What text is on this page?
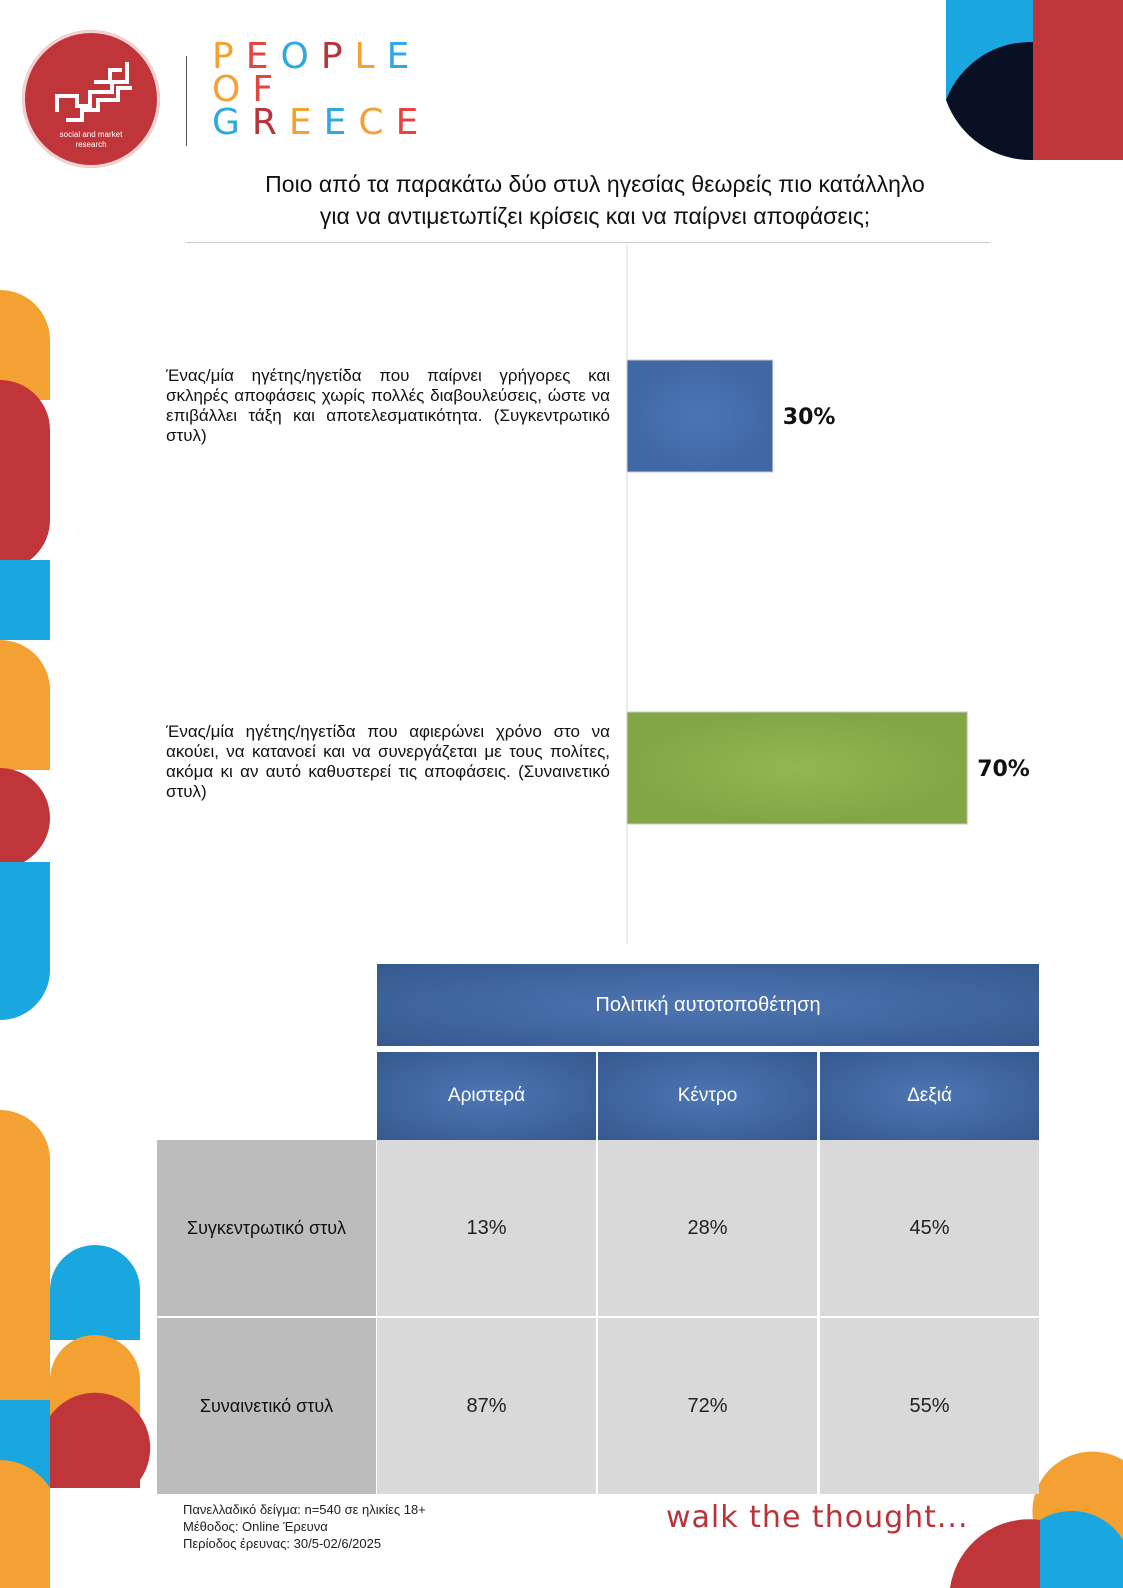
social and market
research
PEOPLE
OF
GREECE
Ποιο από τα παρακάτω δύο στυλ ηγεσίας θεωρείς πιο κατάλληλο
για να αντιμετωπίζει κρίσεις και να παίρνει αποφάσεις;
30%
70%
Ένας/μία ηγέτης/ηγετίδα που παίρνει γρήγορες και σκληρές αποφάσεις χωρίς πολλές διαβουλεύσεις, ώστε να επιβάλλει τάξη και αποτελεσματικότητα. (Συγκεντρωτικό στυλ)
Ένας/μία ηγέτης/ηγετίδα που αφιερώνει χρόνο στο να ακούει, να κατανοεί και να συνεργάζεται με τους πολίτες, ακόμα κι αν αυτό καθυστερεί τις αποφάσεις. (Συναινετικό στυλ)
Πολιτική αυτοτοποθέτηση
Αριστερά	Κέντρο	Δεξιά
Συγκεντρωτικό στυλ	13%	28%	45%
Συναινετικό στυλ	87%	72%	55%
Πανελλαδικό δείγμα: n=540 σε ηλικίες 18+
Μέθοδος: Online Έρευνα
Περίοδος έρευνας: 30/5-02/6/2025
walk the thought...
